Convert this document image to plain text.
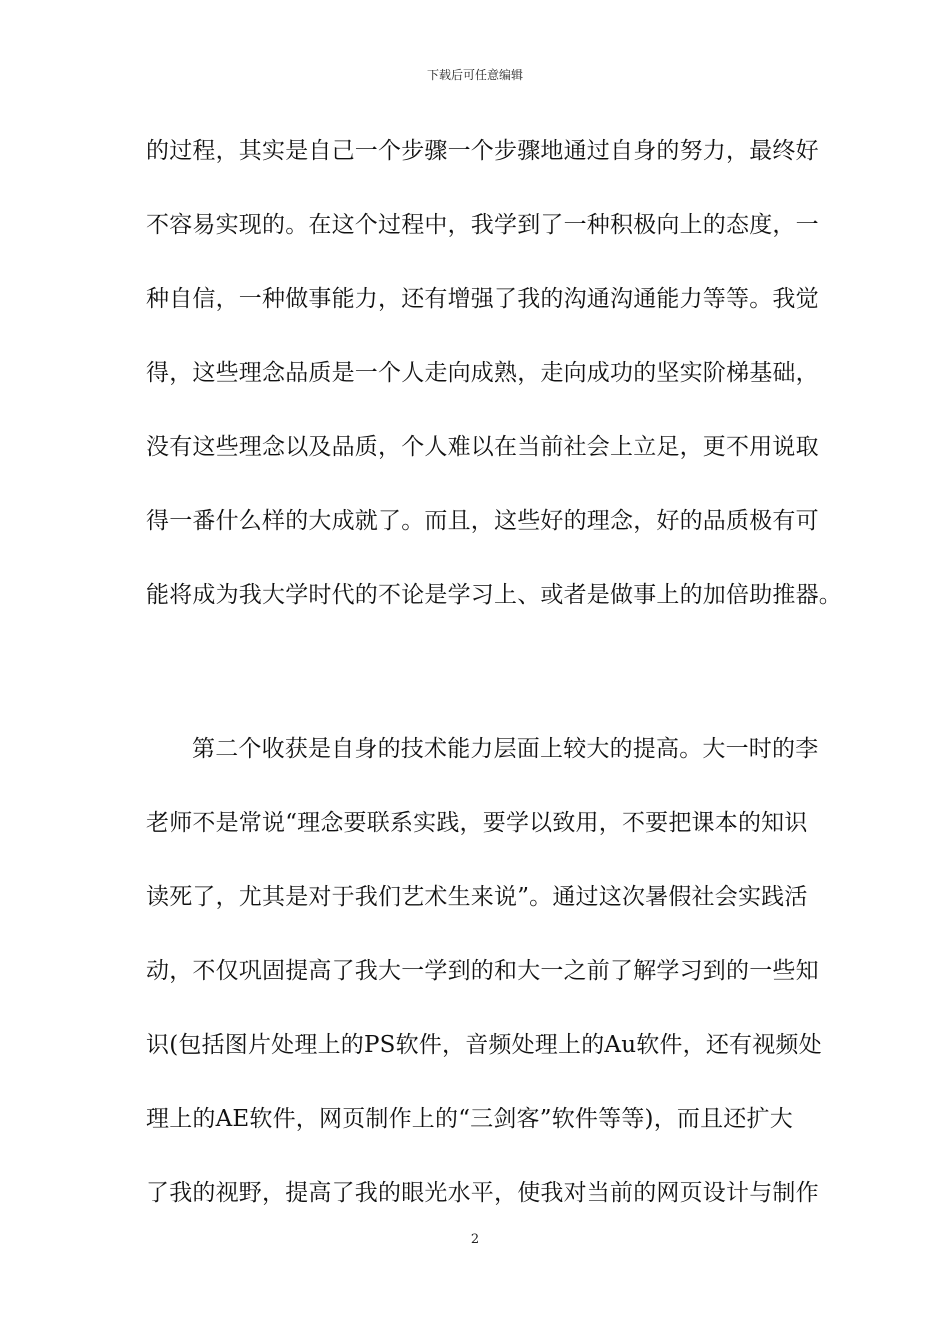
下载后可任意编辑
的过程，其实是自己一个步骤一个步骤地通过自身的努力，最终好
不容易实现的。在这个过程中，我学到了一种积极向上的态度，一
种自信，一种做事能力，还有增强了我的沟通沟通能力等等。我觉
得，这些理念品质是一个人走向成熟，走向成功的坚实阶梯基础，
没有这些理念以及品质，个人难以在当前社会上立足，更不用说取
得一番什么样的大成就了。而且，这些好的理念，好的品质极有可
能将成为我大学时代的不论是学习上、或者是做事上的加倍助推器。
第二个收获是自身的技术能力层面上较大的提高。大一时的李
老师不是常说“理念要联系实践，要学以致用，不要把课本的知识
读死了，尤其是对于我们艺术生来说”。通过这次暑假社会实践活
动，不仅巩固提高了我大一学到的和大一之前了解学习到的一些知
识(包括图片处理上的PS软件，音频处理上的Au软件，还有视频处
理上的AE软件，网页制作上的“三剑客”软件等等)，而且还扩大
了我的视野，提高了我的眼光水平，使我对当前的网页设计与制作
2
